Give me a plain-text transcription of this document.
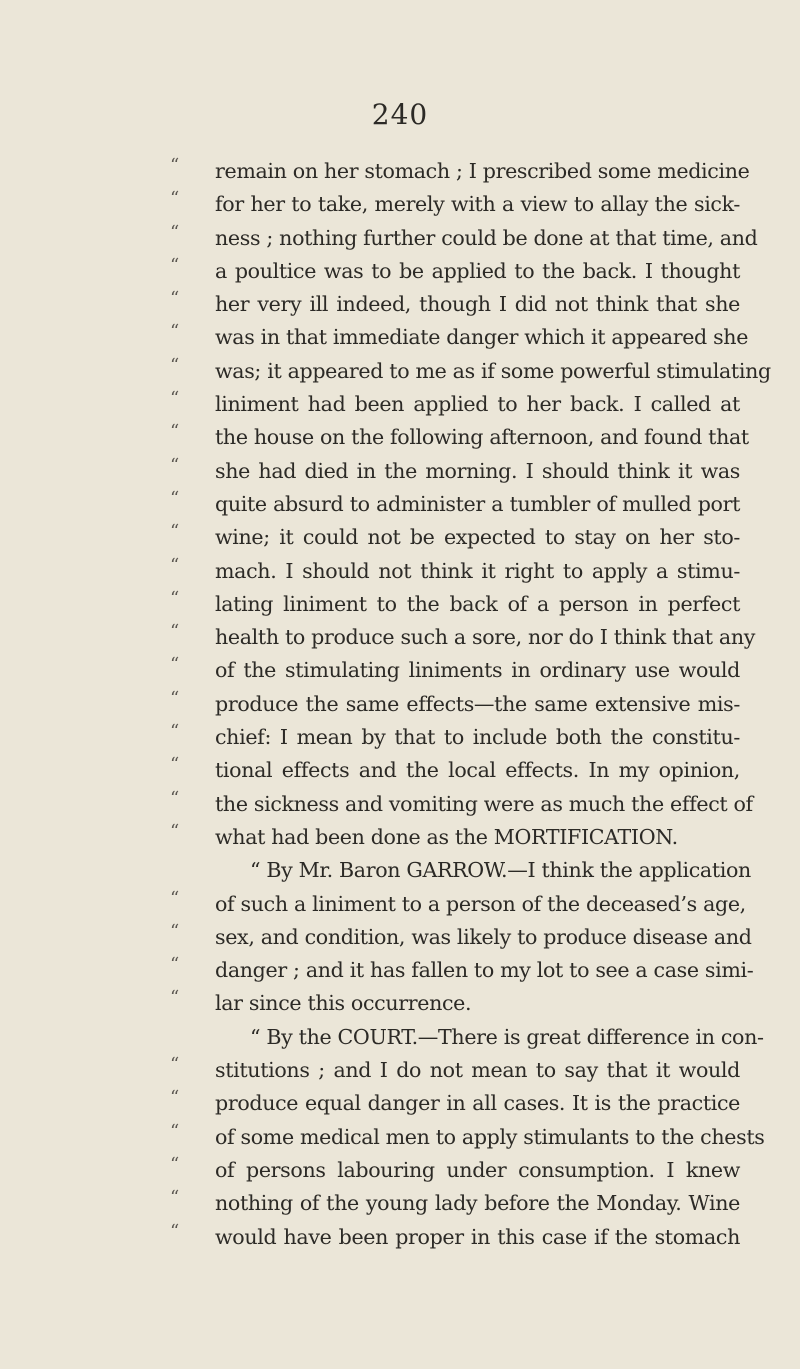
240
“	remain on her stomach ; I prescribed some medicine
“	for her to take, merely with a view to allay the sick-
“	ness ; nothing further could be done at that time, and
“	a poultice was to be applied to the back. I thought
“	her very ill indeed, though I did not think that she
“	was in that immediate danger which it appeared she
“	was; it appeared to me as if some powerful stimulating
“	liniment had been applied to her back. I called at
“	the house on the following afternoon, and found that
“	she had died in the morning. I should think it was
“	quite absurd to administer a tumbler of mulled port
“	wine; it could not be expected to stay on her sto-
“	mach. I should not think it right to apply a stimu-
“	lating liniment to the back of a person in perfect
“	health to produce such a sore, nor do I think that any
“	of the stimulating liniments in ordinary use would
“	produce the same effects—the same extensive mis-
“	chief: I mean by that to include both the constitu-
“	tional effects and the local effects. In my opinion,
“	the sickness and vomiting were as much the effect of
“	what had been done as the MORTIFICATION.
“ By Mr. Baron GARROW.—I think the application
“	of such a liniment to a person of the deceased’s age,
“	sex, and condition, was likely to produce disease and
“	danger ; and it has fallen to my lot to see a case simi-
“	lar since this occurrence.
“ By the COURT.—There is great difference in con-
“	stitutions ; and I do not mean to say that it would
“	produce equal danger in all cases. It is the practice
“	of some medical men to apply stimulants to the chests
“	of persons labouring under consumption. I knew
“	nothing of the young lady before the Monday. Wine
“	would have been proper in this case if the stomach
